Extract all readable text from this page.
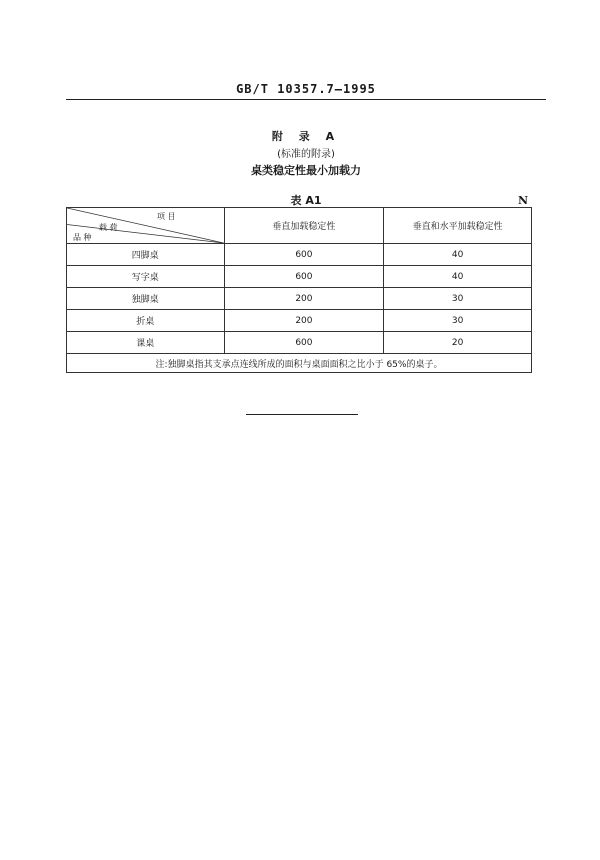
GB/T 10357.7—1995
附 录 A
(标准的附录)
桌类稳定性最小加载力
表 A1	N
项 目
载 荷
品 种	垂直加载稳定性	垂直和水平加载稳定性
四脚桌	600	40
写字桌	600	40
独脚桌	200	30
折桌	200	30
课桌	600	20
注:独脚桌指其支承点连线所成的面积与桌面面积之比小于 65%的桌子。		
